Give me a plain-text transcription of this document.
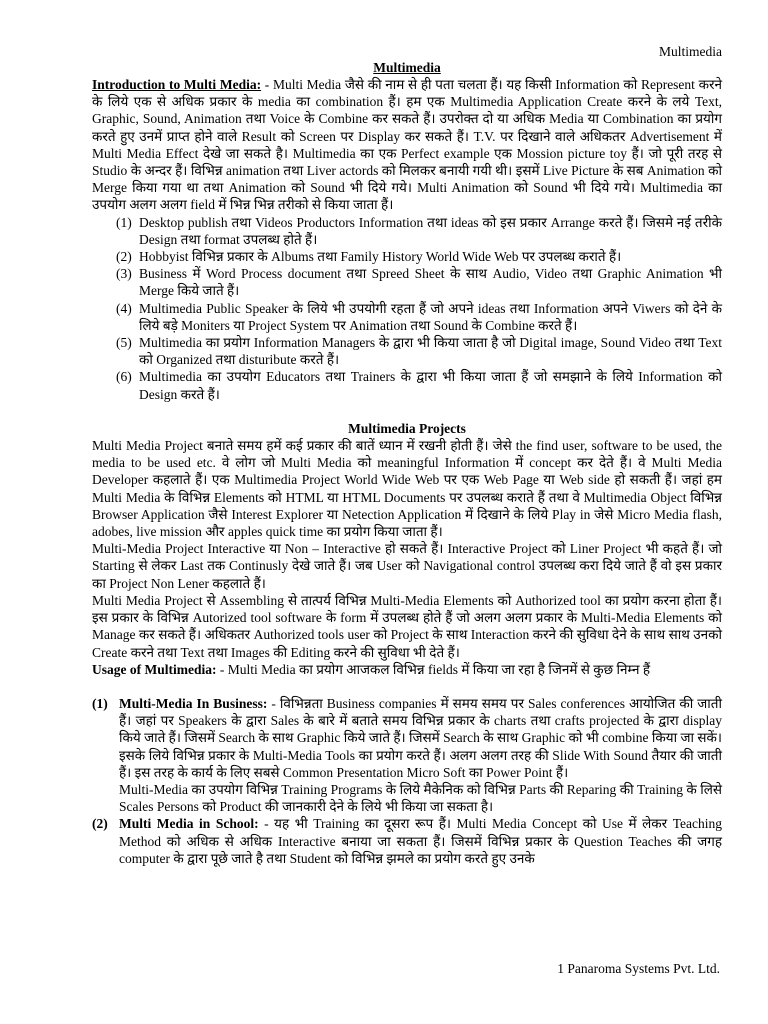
Multimedia
Multimedia

Introduction to Multi Media: - Multi Media जैसे की नाम से ही पता चलता हैं। यह किसी Information को Represent करने के लिये एक से अधिक प्रकार के media का combination हैं। हम एक Multimedia Application Create करने के लये Text, Graphic, Sound, Animation तथा Voice के Combine कर सकते हैं। उपरोक्त दो या अधिक Media या Combination का प्रयोग करते हुए उनमें प्राप्त होने वाले Result को Screen पर Display कर सकते हैं। T.V. पर दिखाने वाले अधिकतर Advertisement में Multi Media Effect देखे जा सकते है। Multimedia का एक Perfect example एक Mossion picture toy हैं। जो पूरी तरह से Studio के अन्दर हैं। विभिन्न animation तथा Liver actords को मिलकर बनायी गयी थी। इसमें Live Picture के सब Animation को Merge किया गया था तथा Animation को Sound भी दिये गये। Multi Animation को Sound भी दिये गये। Multimedia का उपयोग अलग अलग field में भिन्न भिन्न तरीको से किया जाता हैं।

(1) Desktop publish तथा Videos Productors Information तथा ideas को इस प्रकार Arrange करते हैं। जिसमे नई तरीके Design तथा format उपलब्ध होते हैं।
(2) Hobbyist विभिन्न प्रकार के Albums तथा Family History World Wide Web पर उपलब्ध कराते हैं।
(3) Business में Word Process document तथा Spreed Sheet के साथ Audio, Video तथा Graphic Animation भी Merge किये जाते हैं।
(4) Multimedia Public Speaker के लिये भी उपयोगी रहता हैं जो अपने ideas तथा Information अपने Viwers को देने के लिये बड़े Moniters या Project System पर Animation तथा Sound के Combine करते हैं।
(5) Multimedia का प्रयोग Information Managers के द्वारा भी किया जाता है जो Digital image, Sound Video तथा Text को Organized तथा disturibute करते हैं।
(6) Multimedia का उपयोग Educators तथा Trainers के द्वारा भी किया जाता हैं जो समझाने के लिये Information को Design करते हैं।
Multimedia Projects

Multi Media Project बनाते समय हमें कई प्रकार की बातें ध्यान में रखनी होती हैं। जेसे the find user, software to be used, the media to be used etc. वे लोग जो Multi Media को meaningful Information में concept कर देते हैं। वे Multi Media Developer कहलाते हैं। एक Multimedia Project World Wide Web पर एक Web Page या Web side हो सकती हैं। जहां हम Multi Media के विभिन्न Elements को HTML या HTML Documents पर उपलब्ध कराते हैं तथा वे Multimedia Object विभिन्न Browser Application जैसे Interest Explorer या Netection Application में दिखाने के लिये Play in जेसे Micro Media flash, adobes, live mission और apples quick time का प्रयोग किया जाता हैं।

Multi-Media Project Interactive या Non – Interactive हो सकते हैं। Interactive Project को Liner Project भी कहते हैं। जो Starting से लेकर Last तक Continusly देखे जाते हैं। जब User को Navigational control उपलब्ध करा दिये जाते हैं वो इस प्रकार का Project Non Lener कहलाते हैं।

Multi Media Project से Assembling से तात्पर्य विभिन्न Multi-Media Elements को Authorized tool का प्रयोग करना होता हैं। इस प्रकार के विभिन्न Autorized tool software के form में उपलब्ध होते हैं जो अलग अलग प्रकार के Multi-Media Elements को Manage कर सकते हैं। अधिकतर Authorized tools user को Project के साथ Interaction करने की सुविधा देने के साथ साथ उनको Create करने तथा Text तथा Images की Editing करने की सुविधा भी देते हैं।

Usage of Multimedia: - Multi Media का प्रयोग आजकल विभिन्न fields में किया जा रहा है जिनमें से कुछ निम्न हैं

(1) Multi-Media In Business: - विभिन्नता Business companies में समय समय पर Sales conferences आयोजित की जाती हैं। जहां पर Speakers के द्वारा Sales के बारे में बताते समय विभिन्न प्रकार के charts तथा crafts projected के द्वारा display किये जाते हैं। जिसमें Search के साथ Graphic किये जाते हैं। जिसमें Search के साथ Graphic को भी combine किया जा सकें। इसके लिये विभिन्न प्रकार के Multi-Media Tools का प्रयोग करते हैं। अलग अलग तरह की Slide With Sound तैयार की जाती हैं। इस तरह के कार्य के लिए सबसे Common Presentation Micro Soft का Power Point हैं।
Multi-Media का उपयोग विभिन्न Training Programs के लिये मैकेनिक को विभिन्न Parts की Reparing की Training के लिसे Scales Persons को Product की जानकारी देने के लिये भी किया जा सकता है।
(2) Multi Media in School: - यह भी Training का दूसरा रूप हैं। Multi Media Concept को Use में लेकर Teaching Method को अधिक से अधिक Interactive बनाया जा सकता हैं। जिसमें विभिन्न प्रकार के Question Teaches की जगह computer के द्वारा पूछे जाते है तथा Student को विभिन्न झमले का प्रयोग करते हुए उनके
1 Panaroma Systems Pvt. Ltd.
